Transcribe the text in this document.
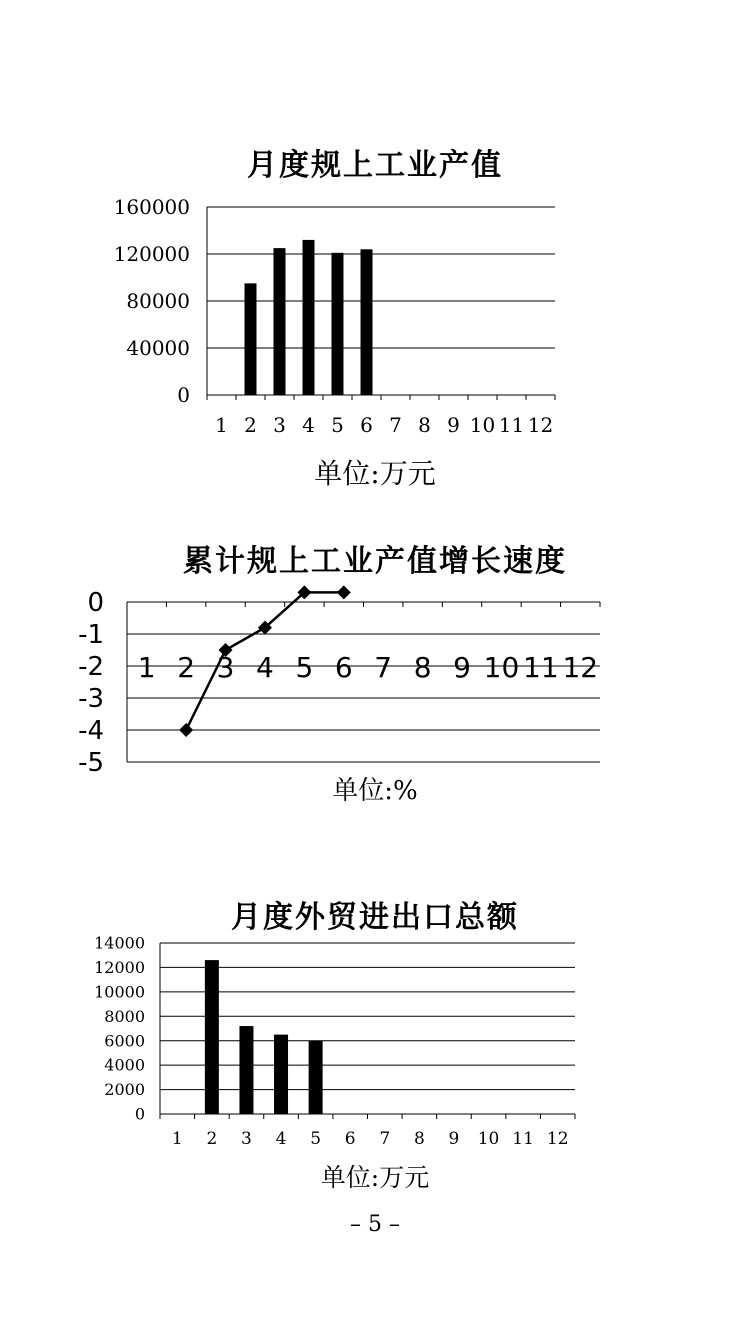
月度规上工业产值
0
40000
80000
120000
160000
1 2 3 4 5 6 7 8 9 10 11 12
单位:万元
累计规上工业产值增长速度
0
-1
-2
-3
-4
-5
1 2 3 4 5 6 7 8 9 10 11 12
单位:%
月度外贸进出口总额
0
2000
4000
6000
8000
10000
12000
14000
1 2 3 4 5 6 7 8 9 10 11 12
单位:万元
– 5 –
